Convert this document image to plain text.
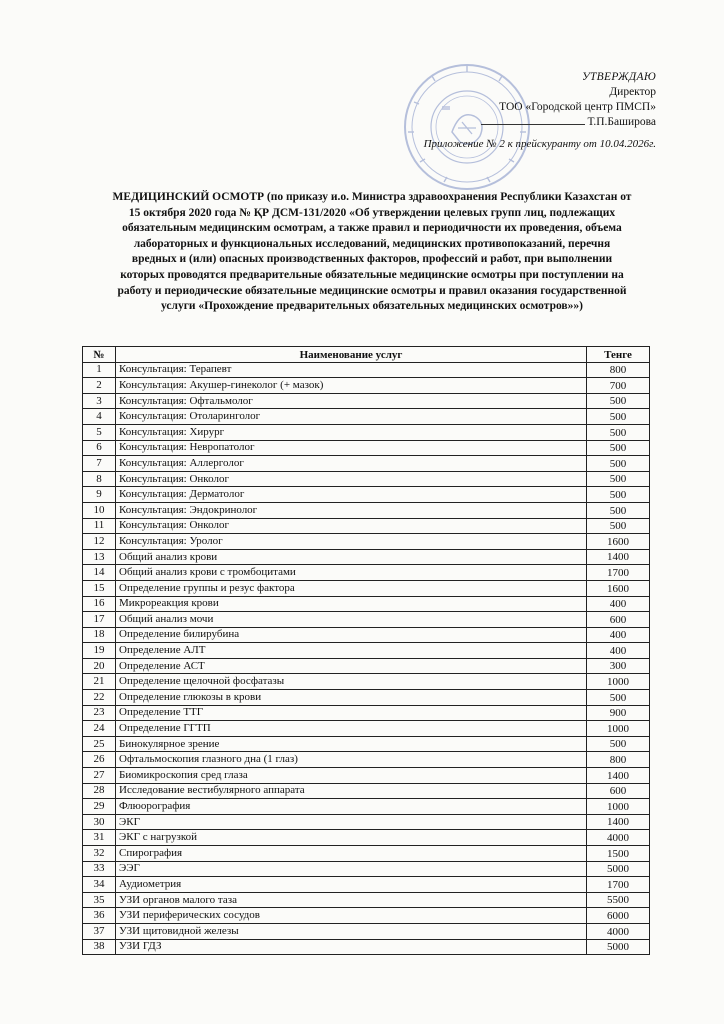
УТВЕРЖДАЮ
Директор
ТОО «Городской центр ПМСП»
Т.П.Баширова
Приложение № 2 к прейскуранту от 10.04.2026г.
МЕДИЦИНСКИЙ ОСМОТР (по приказу и.о. Министра здравоохранения Республики Казахстан от 15 октября 2020 года № ҚР ДСМ-131/2020 «Об утверждении целевых групп лиц, подлежащих обязательным медицинским осмотрам, а также правил и периодичности их проведения, объема лабораторных и функциональных исследований, медицинских противопоказаний, перечня вредных и (или) опасных производственных факторов, профессий и работ, при выполнении которых проводятся предварительные обязательные медицинские осмотры при поступлении на работу и периодические обязательные медицинские осмотры и правил оказания государственной услуги «Прохождение предварительных обязательных медицинских осмотров»»)
№	Наименование услуг	Тенге
1	Консультация: Терапевт	800
2	Консультация: Акушер-гинеколог (+ мазок)	700
3	Консультация: Офтальмолог	500
4	Консультация: Отоларинголог	500
5	Консультация: Хирург	500
6	Консультация: Невропатолог	500
7	Консультация: Аллерголог	500
8	Консультация: Онколог	500
9	Консультация: Дерматолог	500
10	Консультация: Эндокринолог	500
11	Консультация: Онколог	500
12	Консультация: Уролог	1600
13	Общий анализ крови	1400
14	Общий анализ крови с тромбоцитами	1700
15	Определение группы и резус фактора	1600
16	Микрореакция крови	400
17	Общий анализ мочи	600
18	Определение билирубина	400
19	Определение АЛТ	400
20	Определение АСТ	300
21	Определение щелочной фосфатазы	1000
22	Определение глюкозы в крови	500
23	Определение ТТГ	900
24	Определение ГГТП	1000
25	Бинокулярное зрение	500
26	Офтальмоскопия глазного дна (1 глаз)	800
27	Биомикроскопия сред глаза	1400
28	Исследование вестибулярного аппарата	600
29	Флюорография	1000
30	ЭКГ	1400
31	ЭКГ с нагрузкой	4000
32	Спирография	1500
33	ЭЭГ	5000
34	Аудиометрия	1700
35	УЗИ органов малого таза	5500
36	УЗИ периферических сосудов	6000
37	УЗИ щитовидной железы	4000
38	УЗИ ГДЗ	5000
